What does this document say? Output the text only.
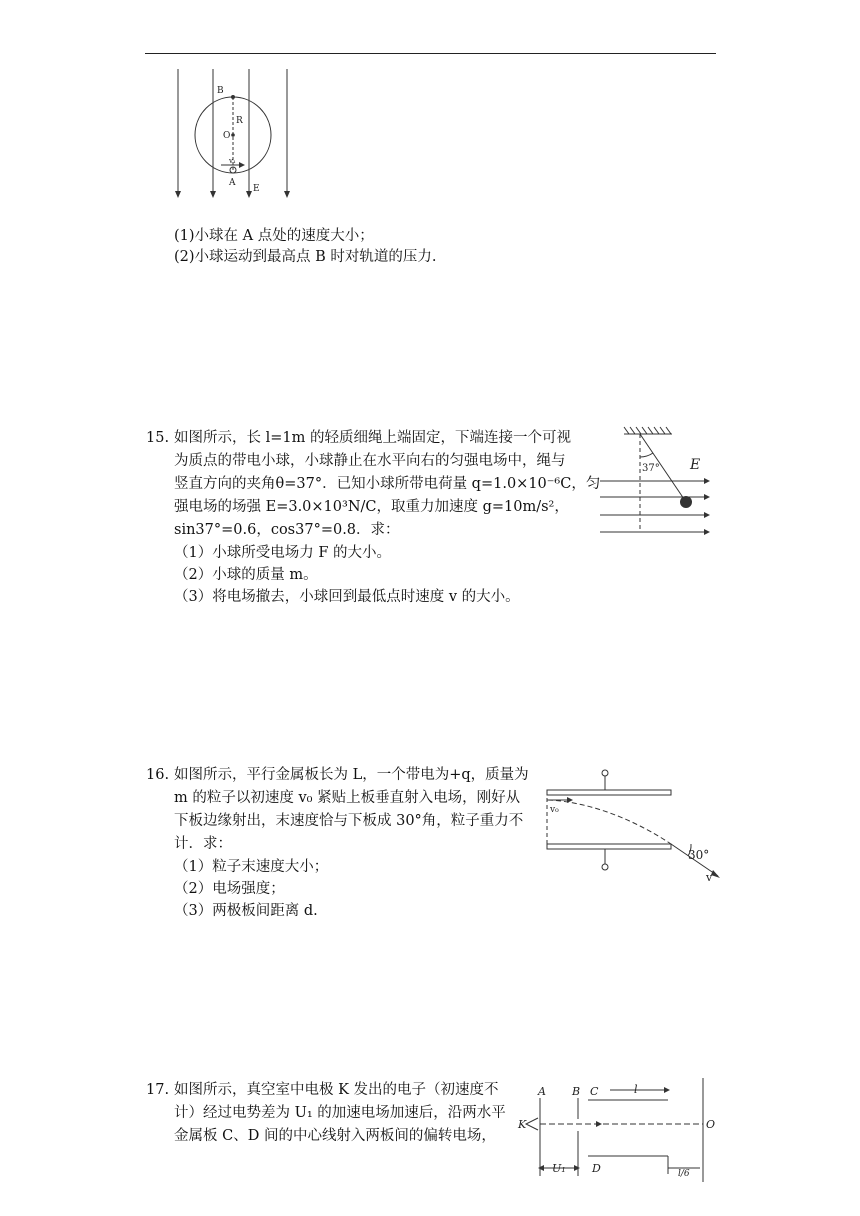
B
R
O
v₁
A
E
(1)小球在 A 点处的速度大小；
(2)小球运动到最高点 B 时对轨道的压力.
15. 如图所示，长 l=1m 的轻质细绳上端固定，下端连接一个可视
为质点的带电小球，小球静止在水平向右的匀强电场中，绳与
竖直方向的夹角θ=37°．已知小球所带电荷量 q=1.0×10⁻⁶C，匀
强电场的场强 E=3.0×10³N/C，取重力加速度 g=10m/s²，
sin37°=0.6，cos37°=0.8．求：
（1）小球所受电场力 F 的大小。
（2）小球的质量 m。
（3）将电场撤去，小球回到最低点时速度 v 的大小。
37° E
16. 如图所示，平行金属板长为 L，一个带电为+q，质量为
m 的粒子以初速度 v₀ 紧贴上板垂直射入电场，刚好从
下板边缘射出，末速度恰与下板成 30°角，粒子重力不
计．求：
（1）粒子末速度大小；
（2）电场强度；
（3）两极板间距离 d.
v₀
30°
v
17. 如图所示，真空室中电极 K 发出的电子（初速度不
计）经过电势差为 U₁ 的加速电场加速后，沿两水平
金属板 C、D 间的中心线射入两板间的偏转电场，
A B C	l
K
U₁ D	l/6
O
